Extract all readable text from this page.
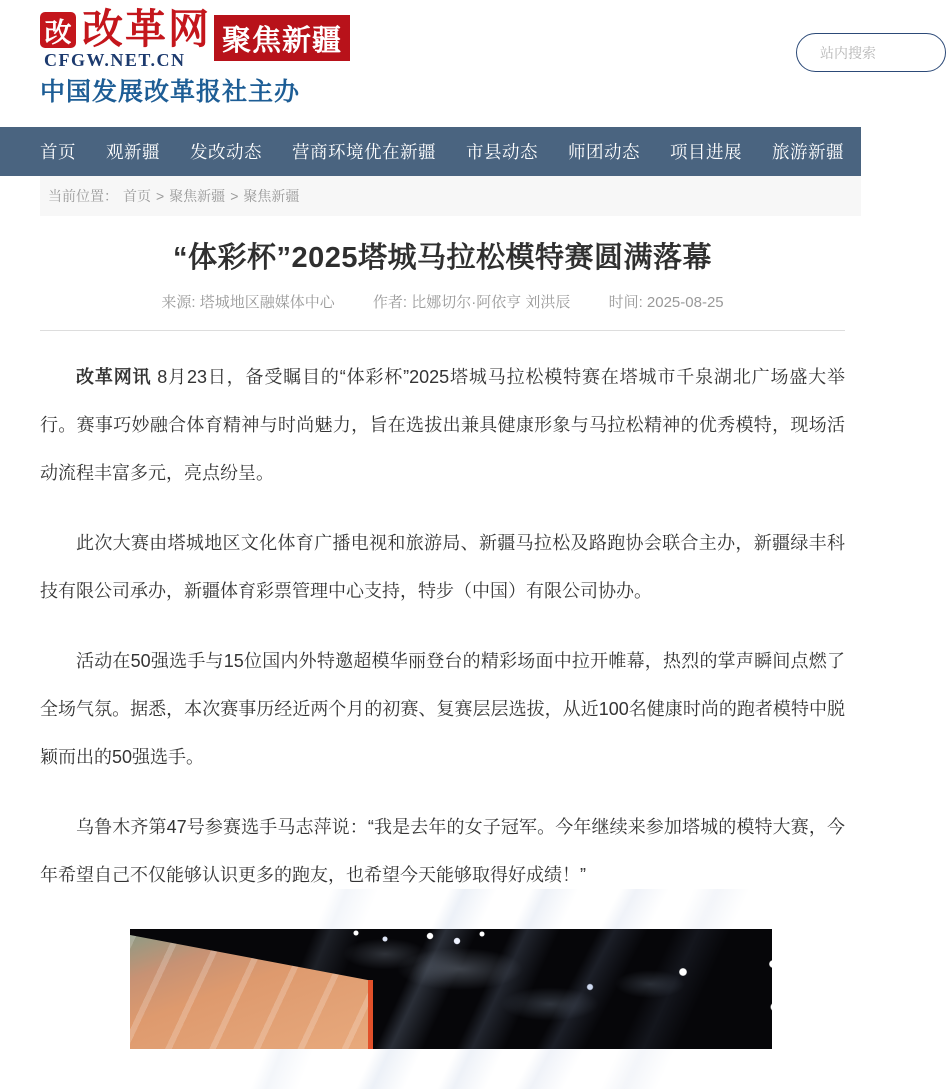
改 改革网
CFGW.NET.CN
聚焦新疆
中国发展改革报社主办
站内搜索
首页 观新疆 发改动态 营商环境优在新疆 市县动态 师团动态 项目进展 旅游新疆 金
当前位置： 首页 > 聚焦新疆 > 聚焦新疆
“体彩杯”2025塔城马拉松模特赛圆满落幕
来源: 塔城地区融媒体中心	作者: 比娜切尔·阿依亨 刘洪辰	时间: 2025-08-25

改革网讯 8月23日，备受瞩目的“体彩杯”2025塔城马拉松模特赛在塔城市千泉湖北广场盛大举行。赛事巧妙融合体育精神与时尚魅力，旨在选拔出兼具健康形象与马拉松精神的优秀模特，现场活动流程丰富多元，亮点纷呈。

此次大赛由塔城地区文化体育广播电视和旅游局、新疆马拉松及路跑协会联合主办，新疆绿丰科技有限公司承办，新疆体育彩票管理中心支持，特步（中国）有限公司协办。

活动在50强选手与15位国内外特邀超模华丽登台的精彩场面中拉开帷幕，热烈的掌声瞬间点燃了全场气氛。据悉，本次赛事历经近两个月的初赛、复赛层层选拔，从近100名健康时尚的跑者模特中脱颖而出的50强选手。

乌鲁木齐第47号参赛选手马志萍说：“我是去年的女子冠军。今年继续来参加塔城的模特大赛，今年希望自己不仅能够认识更多的跑友，也希望今天能够取得好成绩！”
